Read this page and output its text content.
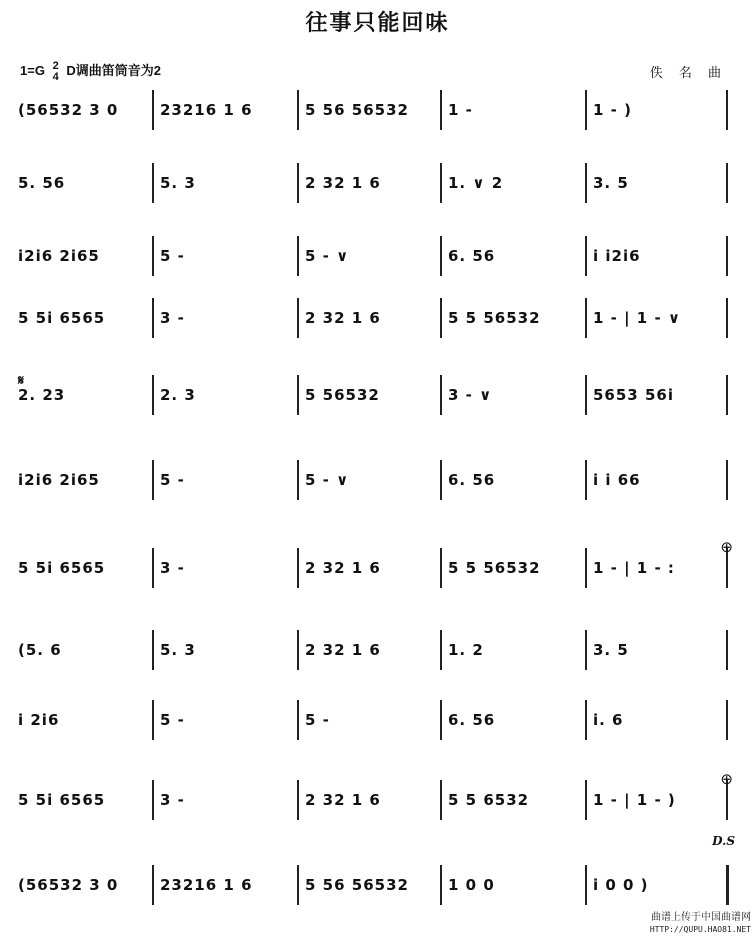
往事只能回味
1=G 2
4 D调曲笛筒音为2	佚 名 曲
(56532 3 0	23216 1 6	5 56 56532	1 -	1 - )
5. 56	5. 3	2 32 1 6	1. ∨ 2	3. 5
i2i6 2i65	5 -	5 - ∨	6. 56	i i2i6
5 5i 6565	3 -	2 32 1 6	5 5 56532	1 - | 1 - ∨
2. 23	2. 3	5 56532	3 - ∨	5653 56i
i2i6 2i65	5 -	5 - ∨	6. 56	i i 66
5 5i 6565	3 -	2 32 1 6	5 5 56532	1 - | 1 - :
(5. 6	5. 3	2 32 1 6	1. 2	3. 5
i 2i6	5 -	5 -	6. 56	i. 6
5 5i 6565	3 -	2 32 1 6	5 5 6532	1 - | 1 - )
(56532 3 0	23216 1 6	5 56 56532	1 0 0	i 0 0 )
𝄋
⊕
⊕
D.S
曲谱上传于中国曲谱网
HTTP://QUPU.HAO81.NET
